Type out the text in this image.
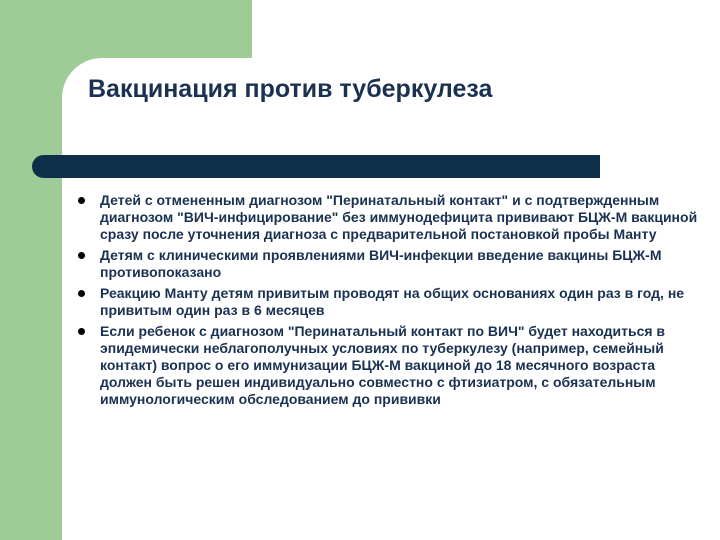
Вакцинация против туберкулеза
Детей с отмененным диагнозом "Перинатальный контакт" и с подтвержденным диагнозом "ВИЧ-инфицирование" без иммунодефицита прививают БЦЖ-М вакциной сразу после уточнения диагноза с предварительной постановкой пробы Манту
Детям с клиническими проявлениями ВИЧ-инфекции введение вакцины БЦЖ-М противопоказано
Реакцию Манту детям привитым проводят на общих основаниях один раз в год, не привитым один раз в 6 месяцев
Если ребенок с диагнозом "Перинатальный контакт по ВИЧ" будет находиться в эпидемически неблагополучных условиях по туберкулезу (например, семейный контакт) вопрос о его иммунизации БЦЖ-М вакциной до 18 месячного возраста должен быть решен индивидуально совместно с фтизиатром, с обязательным иммунологическим обследованием до прививки
